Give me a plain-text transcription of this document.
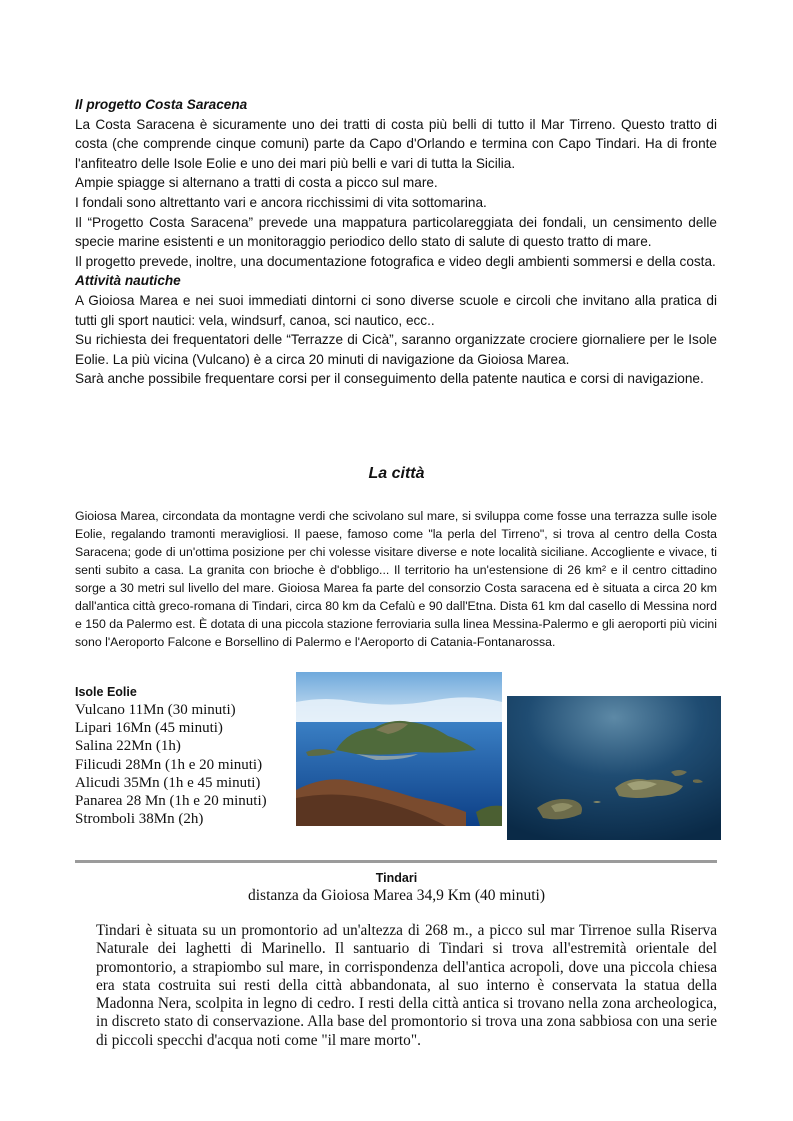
Il progetto Costa Saracena

La Costa Saracena è sicuramente uno dei tratti di costa più belli di tutto il Mar Tirreno. Questo tratto di costa (che comprende cinque comuni) parte da Capo d'Orlando e termina con Capo Tindari. Ha di fronte l'anfiteatro delle Isole Eolie e uno dei mari più belli e vari di tutta la Sicilia.

Ampie spiagge si alternano a tratti di costa a picco sul mare.

I fondali sono altrettanto vari e ancora ricchissimi di vita sottomarina.

Il “Progetto Costa Saracena” prevede una mappatura particolareggiata dei fondali, un censimento delle specie marine esistenti e un monitoraggio periodico dello stato di salute di questo tratto di mare.

Il progetto prevede, inoltre, una documentazione fotografica e video degli ambienti sommersi e della costa.

Attività nautiche

A Gioiosa Marea e nei suoi immediati dintorni ci sono diverse scuole e circoli che invitano alla pratica di tutti gli sport nautici: vela, windsurf, canoa, sci nautico, ecc..

Su richiesta dei frequentatori delle “Terrazze di Cicà”, saranno organizzate crociere giornaliere per le Isole Eolie. La più vicina (Vulcano) è a circa 20 minuti di navigazione da Gioiosa Marea.

Sarà anche possibile frequentare corsi per il conseguimento della patente nautica e corsi di navigazione.

La città

Gioiosa Marea, circondata da montagne verdi che scivolano sul mare, si sviluppa come fosse una terrazza sulle isole Eolie, regalando tramonti meravigliosi. Il paese, famoso come "la perla del Tirreno", si trova al centro della Costa Saracena; gode di un'ottima posizione per chi volesse visitare diverse e note località siciliane. Accogliente e vivace, ti senti subito a casa. La granita con brioche è d'obbligo... Il territorio ha un'estensione di 26 km² e il centro cittadino sorge a 30 metri sul livello del mare. Gioiosa Marea fa parte del consorzio Costa saracena ed è situata a circa 20 km dall'antica città greco-romana di Tindari, circa 80 km da Cefalù e 90 dall'Etna. Dista 61 km dal casello di Messina nord e 150 da Palermo est. È dotata di una piccola stazione ferroviaria sulla linea Messina-Palermo e gli aeroporti più vicini sono l'Aeroporto Falcone e Borsellino di Palermo e l'Aeroporto di Catania-Fontanarossa.

Isole Eolie

Vulcano 11Mn (30 minuti)
Lipari 16Mn (45 minuti)
Salina 22Mn (1h)
Filicudi 28Mn (1h e 20 minuti)
Alicudi 35Mn (1h e 45 minuti)
Panarea 28 Mn (1h e 20 minuti)
Stromboli 38Mn (2h)
Tindari
distanza da Gioiosa Marea 34,9 Km (40 minuti)

Tindari è situata su un promontorio ad un'altezza di 268 m., a picco sul mar Tirrenoe sulla Riserva Naturale dei laghetti di Marinello. Il santuario di Tindari si trova all'estremità orientale del promontorio, a strapiombo sul mare, in corrispondenza dell'antica acropoli, dove una piccola chiesa era stata costruita sui resti della città abbandonata, al suo interno è conservata la statua della Madonna Nera, scolpita in legno di cedro. I resti della città antica si trovano nella zona archeologica, in discreto stato di conservazione. Alla base del promontorio si trova una zona sabbiosa con una serie di piccoli specchi d'acqua noti come "il mare morto".
